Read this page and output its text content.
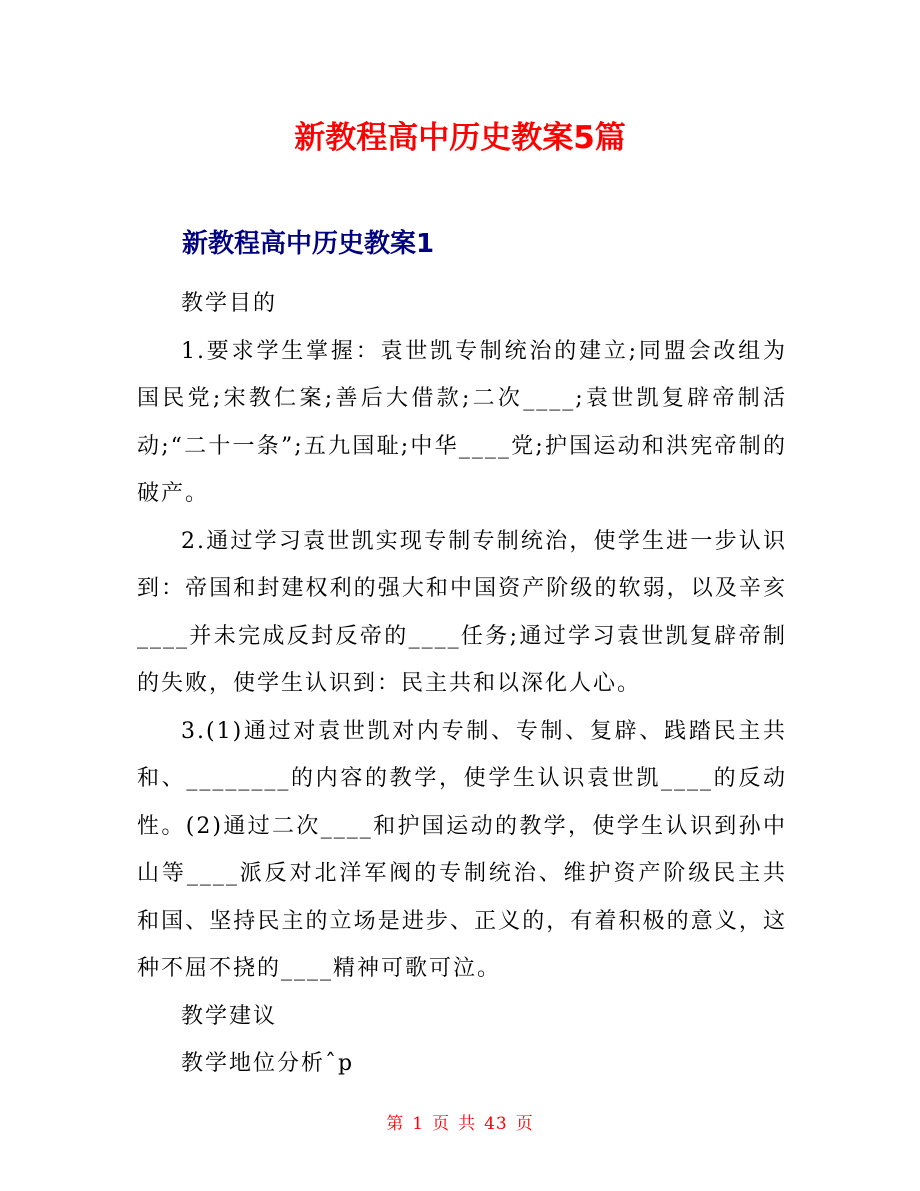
新教程高中历史教案5篇
新教程高中历史教案1

教学目的

1.要求学生掌握：袁世凯专制统治的建立;同盟会改组为国民党;宋教仁案;善后大借款;二次____;袁世凯复辟帝制活动;“二十一条”;五九国耻;中华____党;护国运动和洪宪帝制的破产。

2.通过学习袁世凯实现专制专制统治，使学生进一步认识到：帝国和封建权利的强大和中国资产阶级的软弱，以及辛亥____并未完成反封反帝的____任务;通过学习袁世凯复辟帝制的失败，使学生认识到：民主共和以深化人心。

3.(1)通过对袁世凯对内专制、专制、复辟、践踏民主共和、________的内容的教学，使学生认识袁世凯____的反动性。(2)通过二次____和护国运动的教学，使学生认识到孙中山等____派反对北洋军阀的专制统治、维护资产阶级民主共和国、坚持民主的立场是进步、正义的，有着积极的意义，这种不屈不挠的____精神可歌可泣。

教学建议

教学地位分析ˆp

第 1 页 共 43 页
